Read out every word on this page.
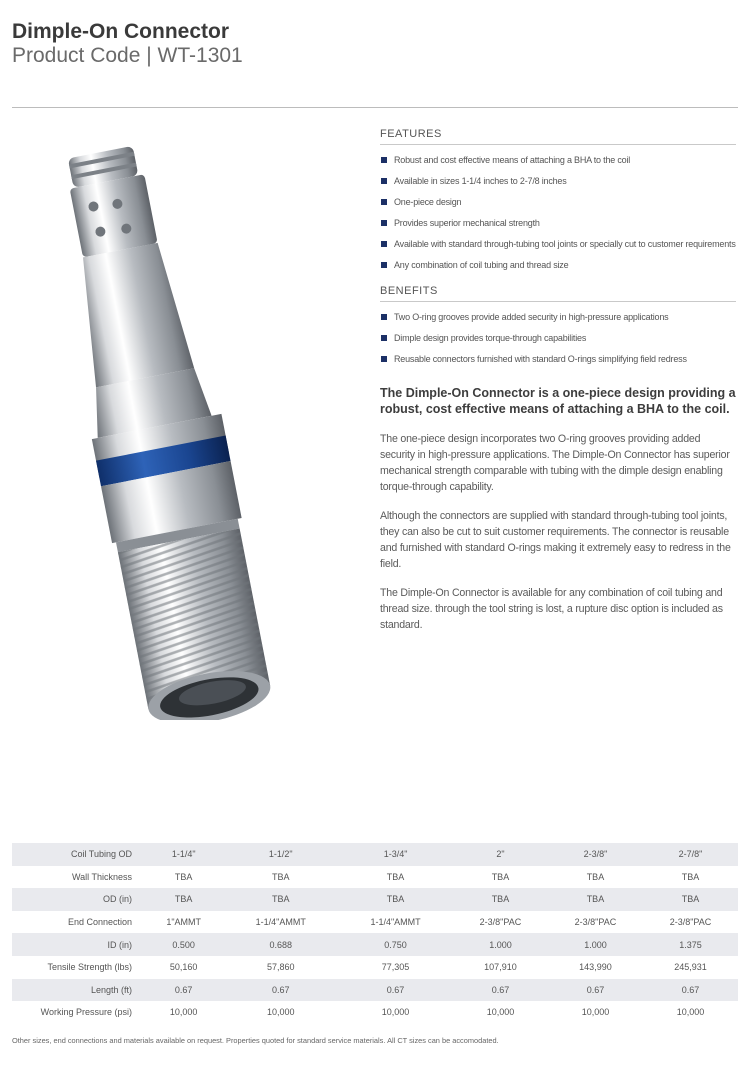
Dimple-On Connector
Product Code | WT-1301
FEATURES
Robust and cost effective means of attaching a BHA to the coil
Available in sizes 1-1/4 inches to 2-7/8 inches
One-piece design
Provides superior mechanical strength
Available with standard through-tubing tool joints or specially cut to customer requirements
Any combination of coil tubing and thread size
BENEFITS
Two O-ring grooves provide added security in high-pressure applications
Dimple design provides torque-through capabilities
Reusable connectors furnished with standard O-rings simplifying field redress
The Dimple-On Connector is a one-piece design providing a robust, cost effective means of attaching a BHA to the coil.

The one-piece design incorporates two O-ring grooves providing added security in high-pressure applications. The Dimple-On Connector has superior mechanical strength comparable with tubing with the dimple design enabling torque-through capability.

Although the connectors are supplied with standard through-tubing tool joints, they can also be cut to suit customer requirements. The connector is reusable and furnished with standard O-rings making it extremely easy to redress in the field.

The Dimple-On Connector is available for any combination of coil tubing and thread size. through the tool string is lost, a rupture disc option is included as standard.

Coil Tubing OD	1-1/4"	1-1/2"	1-3/4"	2"	2-3/8"	2-7/8"
Wall Thickness	TBA	TBA	TBA	TBA	TBA	TBA
OD (in)	TBA	TBA	TBA	TBA	TBA	TBA
End Connection	1"AMMT	1-1/4"AMMT	1-1/4"AMMT	2-3/8"PAC	2-3/8"PAC	2-3/8"PAC
ID (in)	0.500	0.688	0.750	1.000	1.000	1.375
Tensile Strength (lbs)	50,160	57,860	77,305	107,910	143,990	245,931
Length (ft)	0.67	0.67	0.67	0.67	0.67	0.67
Working Pressure (psi)	10,000	10,000	10,000	10,000	10,000	10,000
Other sizes, end connections and materials available on request. Properties quoted for standard service materials. All CT sizes can be accomodated.
